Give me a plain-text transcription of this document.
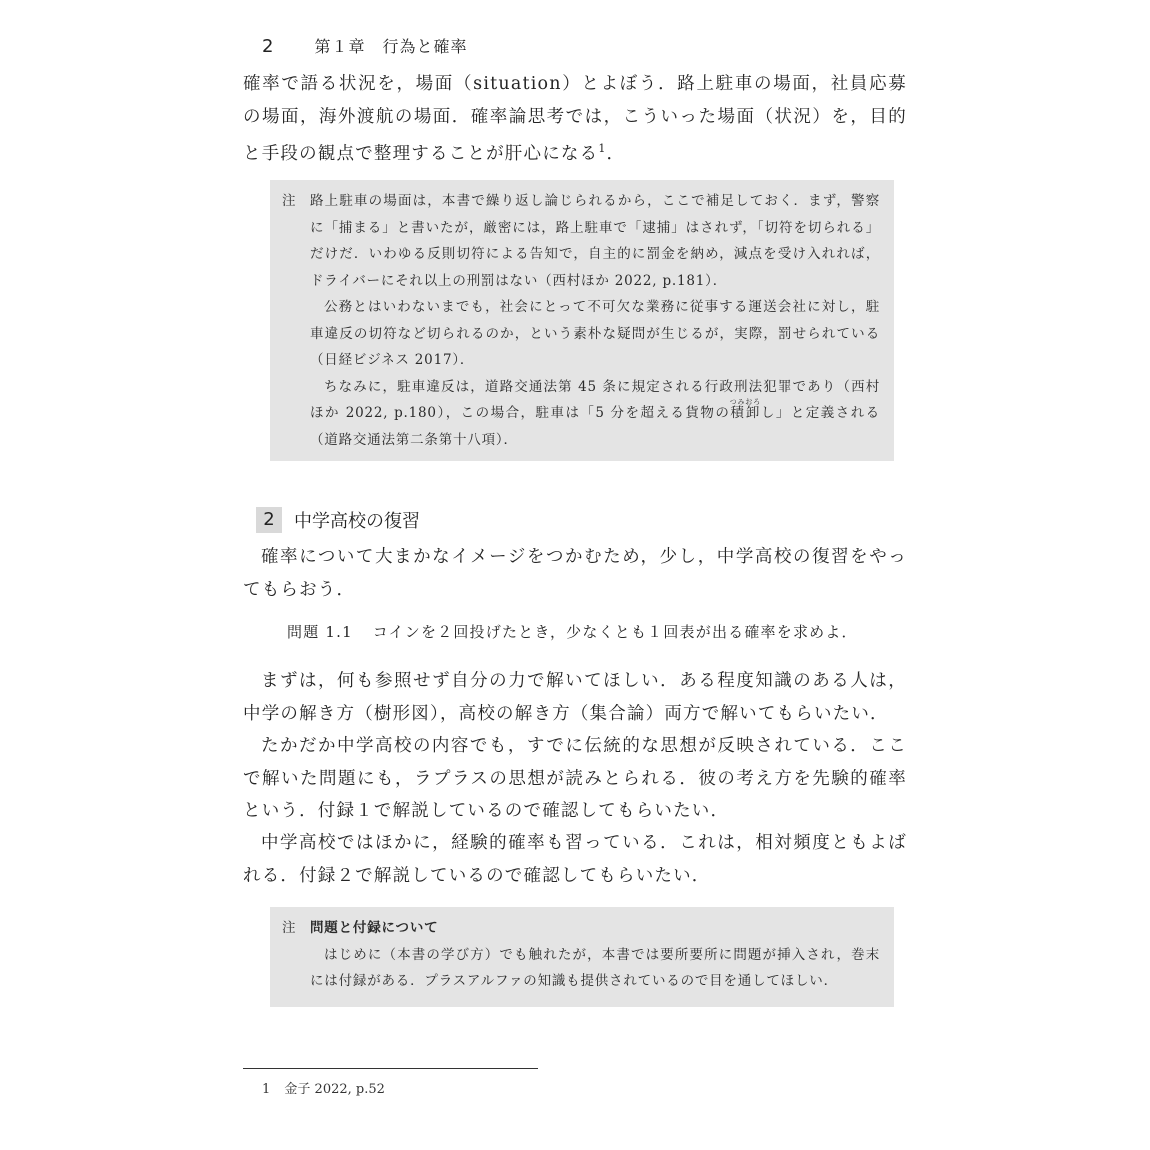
2	第１章　行為と確率

確率で語る状況を，場面（situation）とよぼう．路上駐車の場面，社員応募の場面，海外渡航の場面．確率論思考では，こういった場面（状況）を，目的と手段の観点で整理することが肝心になる$^1$．

注 路上駐車の場面は，本書で繰り返し論じられるから，ここで補足しておく．まず，警察に「捕まる」と書いたが，厳密には，路上駐車で「逮捕」はされず，「切符を切られる」だけだ．いわゆる反則切符による告知で，自主的に罰金を納め，減点を受け入れれば，ドライバーにそれ以上の刑罰はない（西村ほか 2022, p.181）．

公務とはいわないまでも，社会にとって不可欠な業務に従事する運送会社に対し，駐車違反の切符など切られるのか，という素朴な疑問が生じるが，実際，罰せられている（日経ビジネス 2017）．

ちなみに，駐車違反は，道路交通法第 45 条に規定される行政刑法犯罪であり（西村ほか 2022, p.180），この場合，駐車は「5 分を超える貨物の積卸つみおろし」と定義される（道路交通法第二条第十八項）．

2	中学高校の復習

確率について大まかなイメージをつかむため，少し，中学高校の復習をやってもらおう．

問題 1.1 コインを２回投げたとき，少なくとも１回表が出る確率を求めよ．

まずは，何も参照せず自分の力で解いてほしい．ある程度知識のある人は，中学の解き方（樹形図），高校の解き方（集合論）両方で解いてもらいたい．

たかだか中学高校の内容でも，すでに伝統的な思想が反映されている．ここで解いた問題にも，ラプラスの思想が読みとられる．彼の考え方を先験的確率という．付録１で解説しているので確認してもらいたい．

中学高校ではほかに，経験的確率も習っている．これは，相対頻度ともよばれる．付録２で解説しているので確認してもらいたい．

注 問題と付録について

はじめに（本書の学び方）でも触れたが，本書では要所要所に問題が挿入され，巻末には付録がある．プラスアルファの知識も提供されているので目を通してほしい．

1 金子 2022, p.52
